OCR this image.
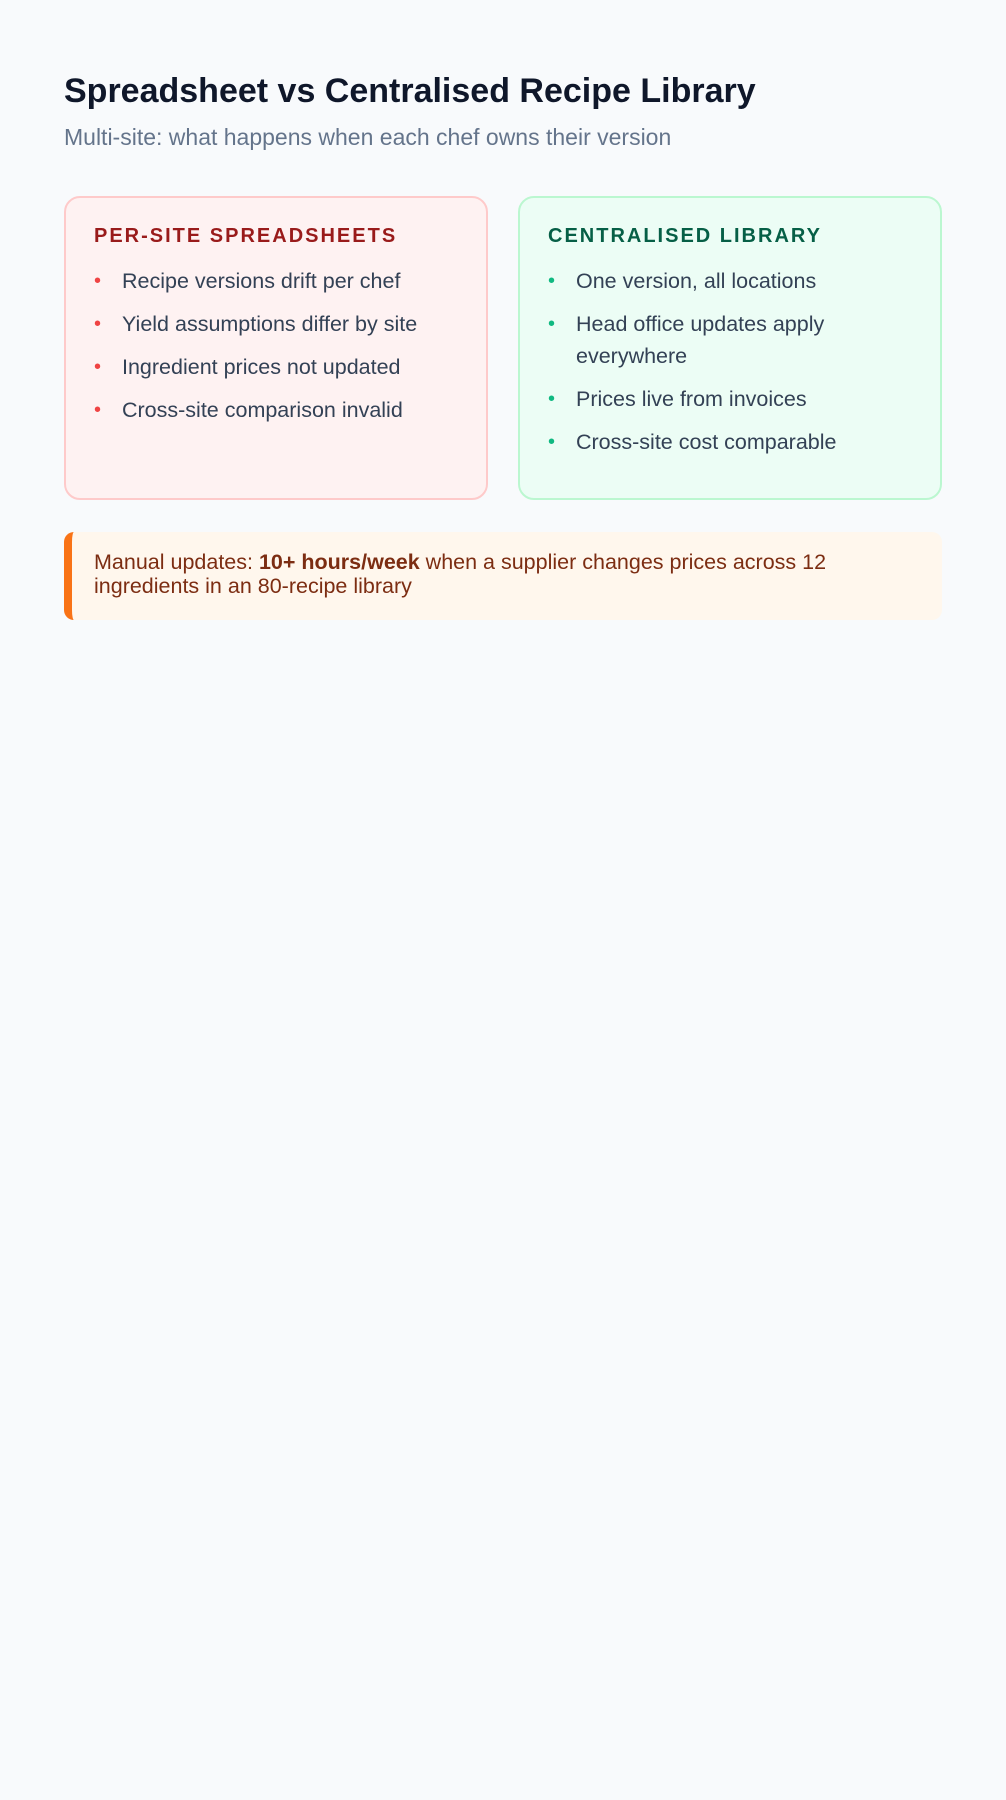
Spreadsheet vs Centralised Recipe Library

Multi-site: what happens when each chef owns their version

PER-SITE SPREADSHEETS
• Recipe versions drift per chef
• Yield assumptions differ by site
• Ingredient prices not updated
• Cross-site comparison invalid
CENTRALISED LIBRARY
• One version, all locations
• Head office updates apply everywhere
• Prices live from invoices
• Cross-site cost comparable
Manual updates: 10+ hours/week when a supplier changes prices across 12 ingredients in an 80-recipe library
